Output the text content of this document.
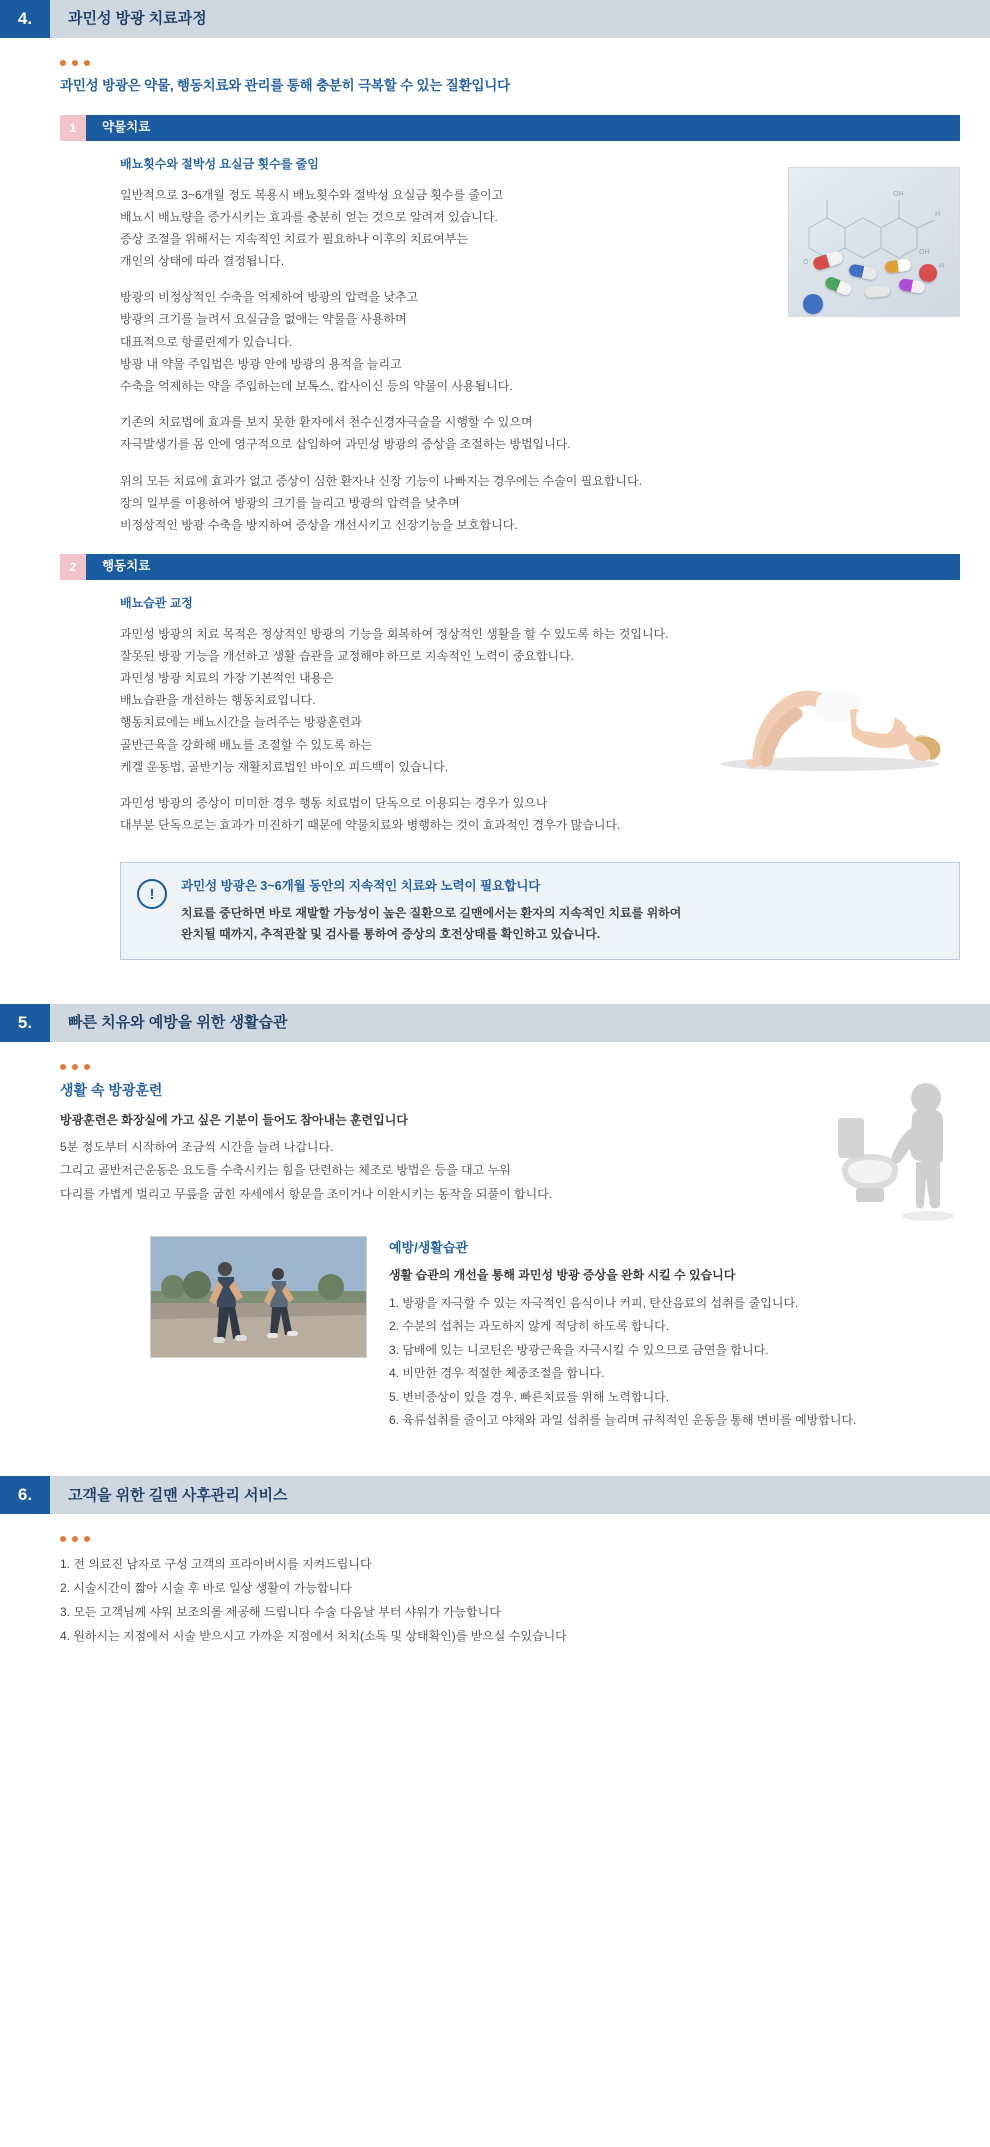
4.	과민성 방광 치료과정
과민성 방광은 약물, 행동치료와 관리를 통해 충분히 극복할 수 있는 질환입니다
1	약물치료
OH
H
OH
O	H
배뇨횟수와 절박성 요실금 횟수를 줄임

일반적으로 3~6개월 정도 복용시 배뇨횟수와 절박성 요실금 횟수를 줄이고
배뇨시 배뇨량을 증가시키는 효과를 충분히 얻는 것으로 알려져 있습니다.
증상 조절을 위해서는 지속적인 치료가 필요하나 이후의 치료여부는
개인의 상태에 따라 결정됩니다.

방광의 비정상적인 수축을 억제하여 방광의 압력을 낮추고
방광의 크기를 늘려서 요실금을 없애는 약물을 사용하며
대표적으로 항콜린제가 있습니다.
방광 내 약물 주입법은 방광 안에 방광의 용적을 늘리고
수축을 억제하는 약을 주입하는데 보톡스, 캅사이신 등의 약물이 사용됩니다.

기존의 치료법에 효과를 보지 못한 환자에서 천수신경자극술을 시행할 수 있으며
자극발생기를 몸 안에 영구적으로 삽입하여 과민성 방광의 증상을 조절하는 방법입니다.

위의 모든 치료에 효과가 없고 증상이 심한 환자나 신장 기능이 나빠지는 경우에는 수술이 필요합니다.
장의 일부를 이용하여 방광의 크기를 늘리고 방광의 압력을 낮추며
비정상적인 방광 수축을 방지하여 증상을 개선시키고 신장기능을 보호합니다.

2	행동치료
배뇨습관 교정

과민성 방광의 치료 목적은 정상적인 방광의 기능을 회복하여 정상적인 생활을 할 수 있도록 하는 것입니다.
잘못된 방광 기능을 개선하고 생활 습관을 교정해야 하므로 지속적인 노력이 중요합니다.
과민성 방광 치료의 가장 기본적인 내용은
배뇨습관을 개선하는 행동치료입니다.
행동치료에는 배뇨시간을 늘려주는 방광훈련과
골반근육을 강화해 배뇨를 조절할 수 있도록 하는
케겔 운동법, 골반기능 재활치료법인 바이오 피드백이 있습니다.

과민성 방광의 증상이 미미한 경우 행동 치료법이 단독으로 이용되는 경우가 있으나
대부분 단독으로는 효과가 미진하기 때문에 약물치료와 병행하는 것이 효과적인 경우가 많습니다.

!	과민성 방광은 3~6개월 동안의 지속적인 치료와 노력이 필요합니다
치료를 중단하면 바로 재발할 가능성이 높은 질환으로 길맨에서는 환자의 지속적인 치료를 위하여
완치될 때까지, 추적관찰 및 검사를 통하여 증상의 호전상태를 확인하고 있습니다.
5.	빠른 치유와 예방을 위한 생활습관
생활 속 방광훈련
방광훈련은 화장실에 가고 싶은 기분이 들어도 참아내는 훈련입니다
5분 정도부터 시작하여 조금씩 시간을 늘려 나갑니다.
그리고 골반저근운동은 요도를 수축시키는 힘을 단련하는 체조로 방법은 등을 대고 누워
다리를 가볍게 벌리고 무릎을 굽힌 자세에서 항문을 조이거나 이완시키는 동작을 되풀이 합니다.
예방/생활습관
생활 습관의 개선을 통해 과민성 방광 증상을 완화 시킬 수 있습니다
1. 방광을 자극할 수 있는 자극적인 음식이나 커피, 탄산음료의 섭취를 줄입니다.
2. 수분의 섭취는 과도하지 않게 적당히 하도록 합니다.
3. 담배에 있는 니코틴은 방광근육을 자극시킬 수 있으므로 금연을 합니다.
4. 비만한 경우 적절한 체중조절을 합니다.
5. 변비증상이 있을 경우, 빠른치료를 위해 노력합니다.
6. 육류섭취를 줄이고 야채와 과일 섭취를 늘리며 규칙적인 운동을 통해 변비를 예방합니다.
6.	고객을 위한 길맨 사후관리 서비스
1. 전 의료진 남자로 구성 고객의 프라이버시를 지켜드립니다
2. 시술시간이 짧아 시술 후 바로 일상 생활이 가능합니다
3. 모든 고객님께 샤워 보조의롤 제공해 드립니다 수술 다음날 부터 샤워가 가능합니다
4. 원하시는 지점에서 시술 받으시고 가까운 지점에서 처치(소독 및 상태확인)를 받으실 수있습니다
